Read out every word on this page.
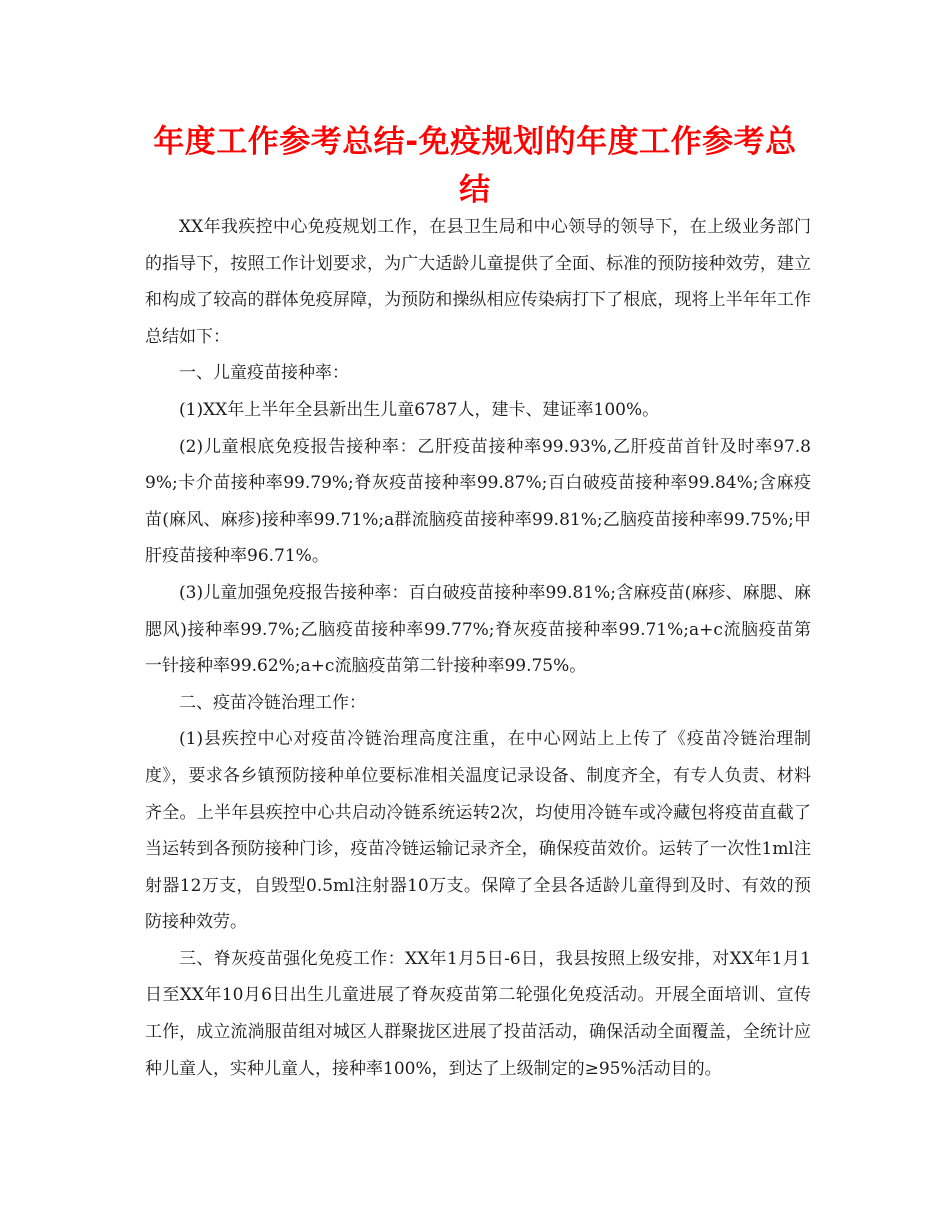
年度工作参考总结-免疫规划的年度工作参考总结

XX年我疾控中心免疫规划工作，在县卫生局和中心领导的领导下，在上级业务部门的指导下，按照工作计划要求，为广大适龄儿童提供了全面、标准的预防接种效劳，建立和构成了较高的群体免疫屏障，为预防和操纵相应传染病打下了根底，现将上半年年工作总结如下：

一、儿童疫苗接种率：

(1)XX年上半年全县新出生儿童6787人，建卡、建证率100%。

(2)儿童根底免疫报告接种率：乙肝疫苗接种率99.93%,乙肝疫苗首针及时率97.89%;卡介苗接种率99.79%;脊灰疫苗接种率99.87%;百白破疫苗接种率99.84%;含麻疫苗(麻风、麻疹)接种率99.71%;a群流脑疫苗接种率99.81%;乙脑疫苗接种率99.75%;甲肝疫苗接种率96.71%。

(3)儿童加强免疫报告接种率：百白破疫苗接种率99.81%;含麻疫苗(麻疹、麻腮、麻腮风)接种率99.7%;乙脑疫苗接种率99.77%;脊灰疫苗接种率99.71%;a+c流脑疫苗第一针接种率99.62%;a+c流脑疫苗第二针接种率99.75%。

二、疫苗冷链治理工作：

(1)县疾控中心对疫苗冷链治理高度注重，在中心网站上上传了《疫苗冷链治理制度》，要求各乡镇预防接种单位要标准相关温度记录设备、制度齐全，有专人负责、材料齐全。上半年县疾控中心共启动冷链系统运转2次，均使用冷链车或冷藏包将疫苗直截了当运转到各预防接种门诊，疫苗冷链运输记录齐全，确保疫苗效价。运转了一次性1ml注射器12万支，自毁型0.5ml注射器10万支。保障了全县各适龄儿童得到及时、有效的预防接种效劳。

三、脊灰疫苗强化免疫工作：XX年1月5日-6日，我县按照上级安排，对XX年1月1日至XX年10月6日出生儿童进展了脊灰疫苗第二轮强化免疫活动。开展全面培训、宣传工作，成立流淌服苗组对城区人群聚拢区进展了投苗活动，确保活动全面覆盖，全统计应种儿童人，实种儿童人，接种率100%，到达了上级制定的≥95%活动目的。
